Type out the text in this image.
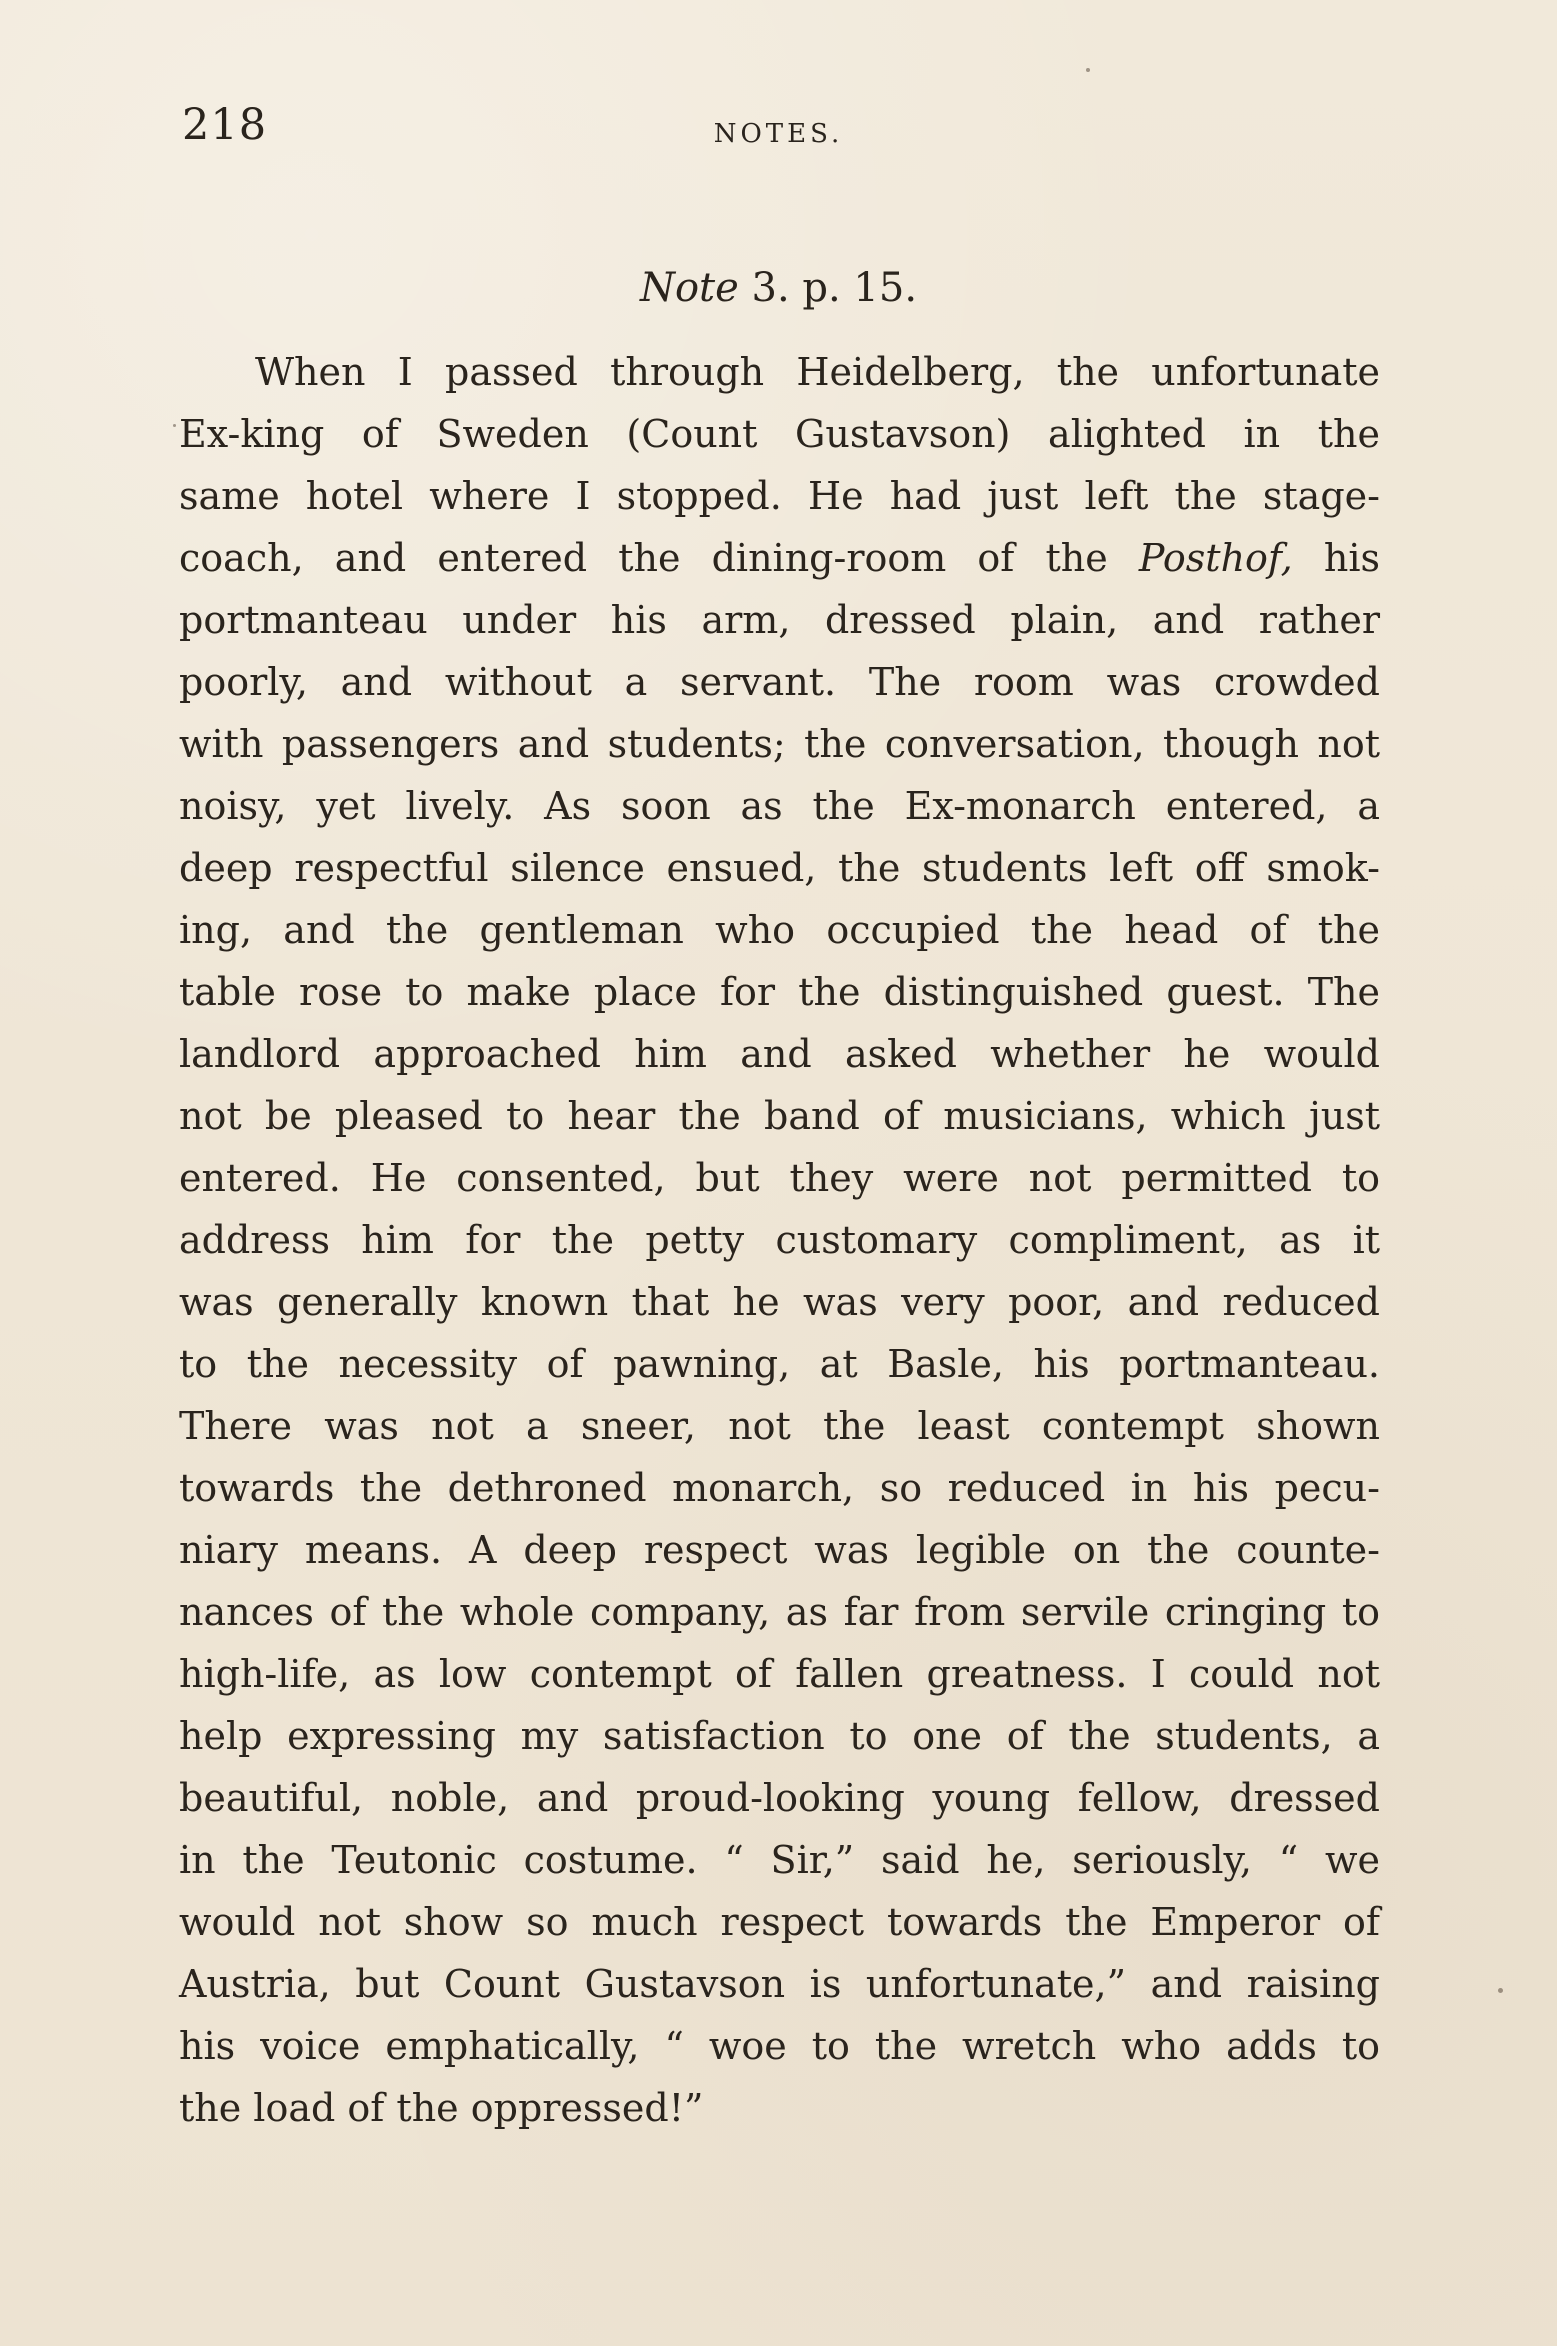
218	NOTES.
Note 3. p. 15.
When I passed through Heidelberg, the unfortunate
Ex-king of Sweden (Count Gustavson) alighted in the
same hotel where I stopped. He had just left the stage-
coach, and entered the dining-room of the Posthof, his
portmanteau under his arm, dressed plain, and rather
poorly, and without a servant. The room was crowded
with passengers and students; the conversation, though not
noisy, yet lively. As soon as the Ex-monarch entered, a
deep respectful silence ensued, the students left off smok-
ing, and the gentleman who occupied the head of the
table rose to make place for the distinguished guest. The
landlord approached him and asked whether he would
not be pleased to hear the band of musicians, which just
entered. He consented, but they were not permitted to
address him for the petty customary compliment, as it
was generally known that he was very poor, and reduced
to the necessity of pawning, at Basle, his portmanteau.
There was not a sneer, not the least contempt shown
towards the dethroned monarch, so reduced in his pecu-
niary means. A deep respect was legible on the counte-
nances of the whole company, as far from servile cringing to
high-life, as low contempt of fallen greatness. I could not
help expressing my satisfaction to one of the students, a
beautiful, noble, and proud-looking young fellow, dressed
in the Teutonic costume. “ Sir,” said he, seriously, “ we
would not show so much respect towards the Emperor of
Austria, but Count Gustavson is unfortunate,” and raising
his voice emphatically, “ woe to the wretch who adds to
the load of the oppressed!”
